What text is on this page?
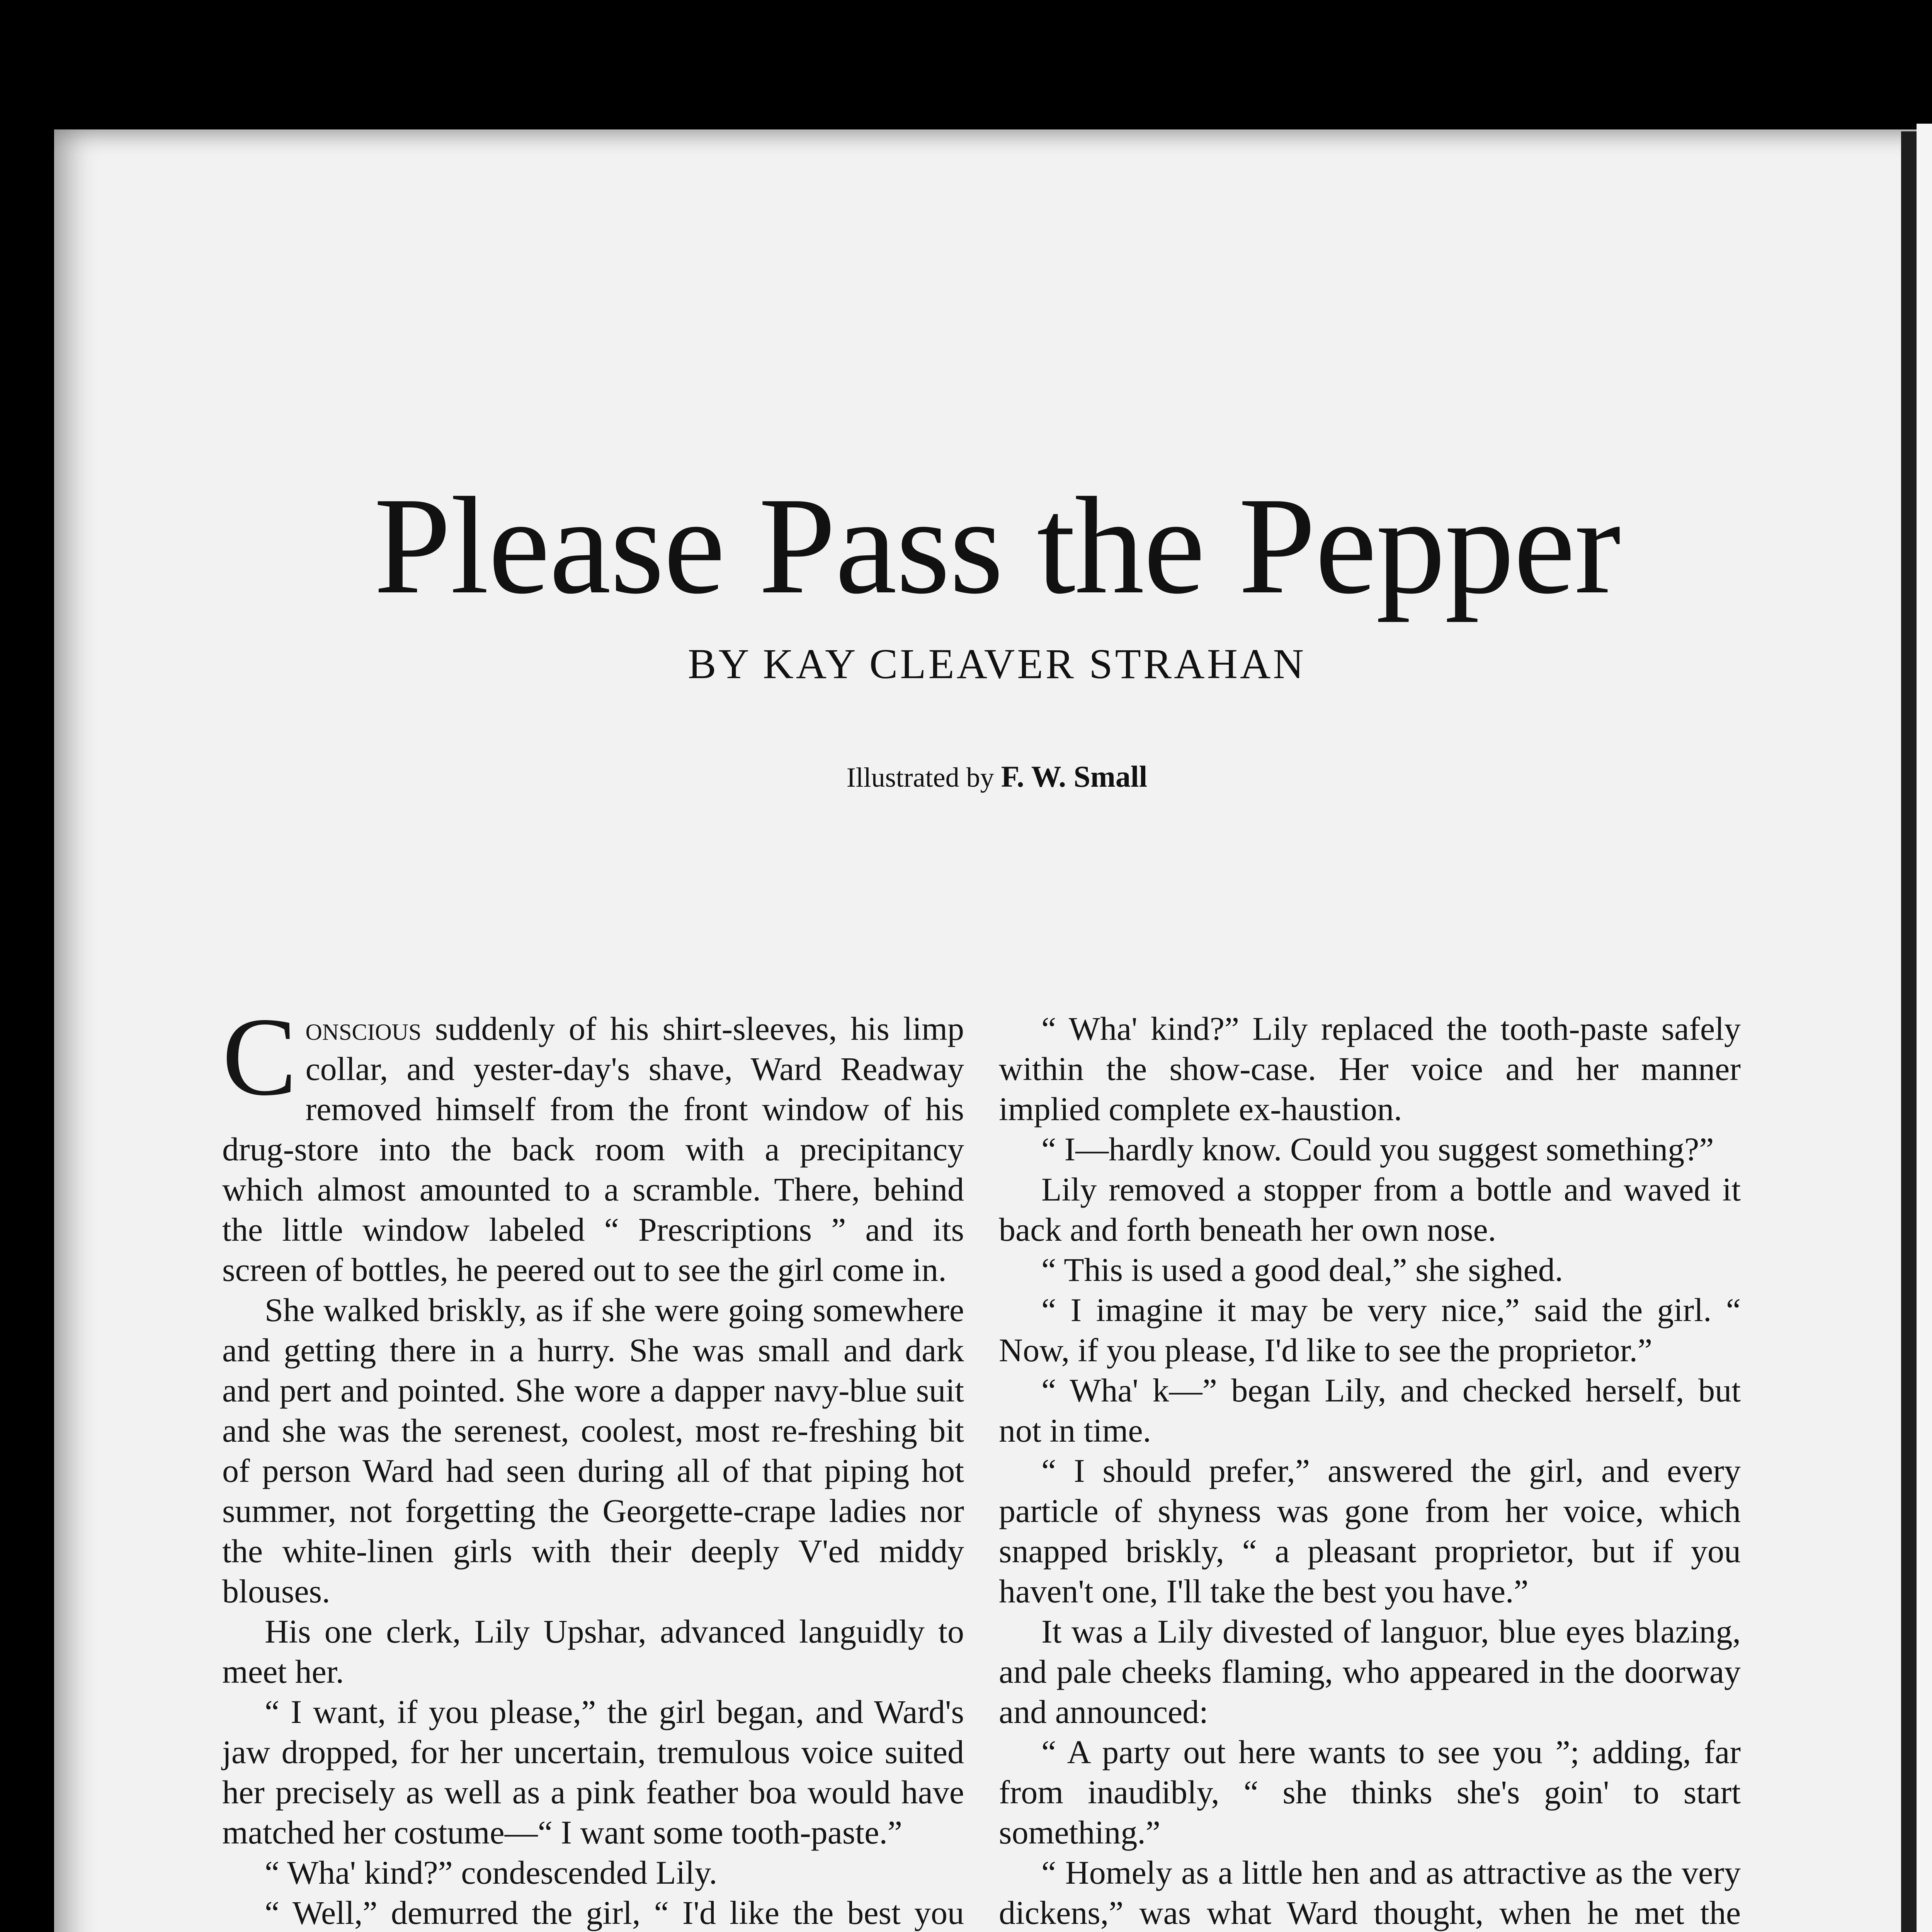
Please Pass the Pepper
BY KAY CLEAVER STRAHAN
Illustrated by F. W. Small

Conscious suddenly of his shirt-sleeves, his limp collar, and yester-day's shave, Ward Readway removed himself from the front window of his drug-store into the back room with a precipitancy which almost amounted to a scramble. There, behind the little window labeled “ Prescriptions ” and its screen of bottles, he peered out to see the girl come in.

She walked briskly, as if she were going somewhere and getting there in a hurry. She was small and dark and pert and pointed. She wore a dapper navy-blue suit and she was the serenest, coolest, most re-freshing bit of person Ward had seen during all of that piping hot summer, not forgetting the Georgette-crape ladies nor the white-linen girls with their deeply V'ed middy blouses.

His one clerk, Lily Upshar, advanced languidly to meet her.

“ I want, if you please,” the girl began, and Ward's jaw dropped, for her uncertain, tremulous voice suited her precisely as well as a pink feather boa would have matched her costume—“ I want some tooth-paste.”

“ Wha' kind?” condescended Lily.

“ Well,” demurred the girl, “ I'd like the best you

“ Wha' kind?” Lily replaced the tooth-paste safely within the show-case. Her voice and her manner implied complete ex-haustion.

“ I—hardly know. Could you suggest something?”

Lily removed a stopper from a bottle and waved it back and forth beneath her own nose.

“ This is used a good deal,” she sighed.

“ I imagine it may be very nice,” said the girl. “ Now, if you please, I'd like to see the proprietor.”

“ Wha' k—” began Lily, and checked herself, but not in time.

“ I should prefer,” answered the girl, and every particle of shyness was gone from her voice, which snapped briskly, “ a pleasant proprietor, but if you haven't one, I'll take the best you have.”

It was a Lily divested of languor, blue eyes blazing, and pale cheeks flaming, who appeared in the doorway and announced:

“ A party out here wants to see you ”; adding, far from inaudibly, “ she thinks she's goin' to start something.”

“ Homely as a little hen and as attractive as the very dickens,” was what Ward thought, when he met the
